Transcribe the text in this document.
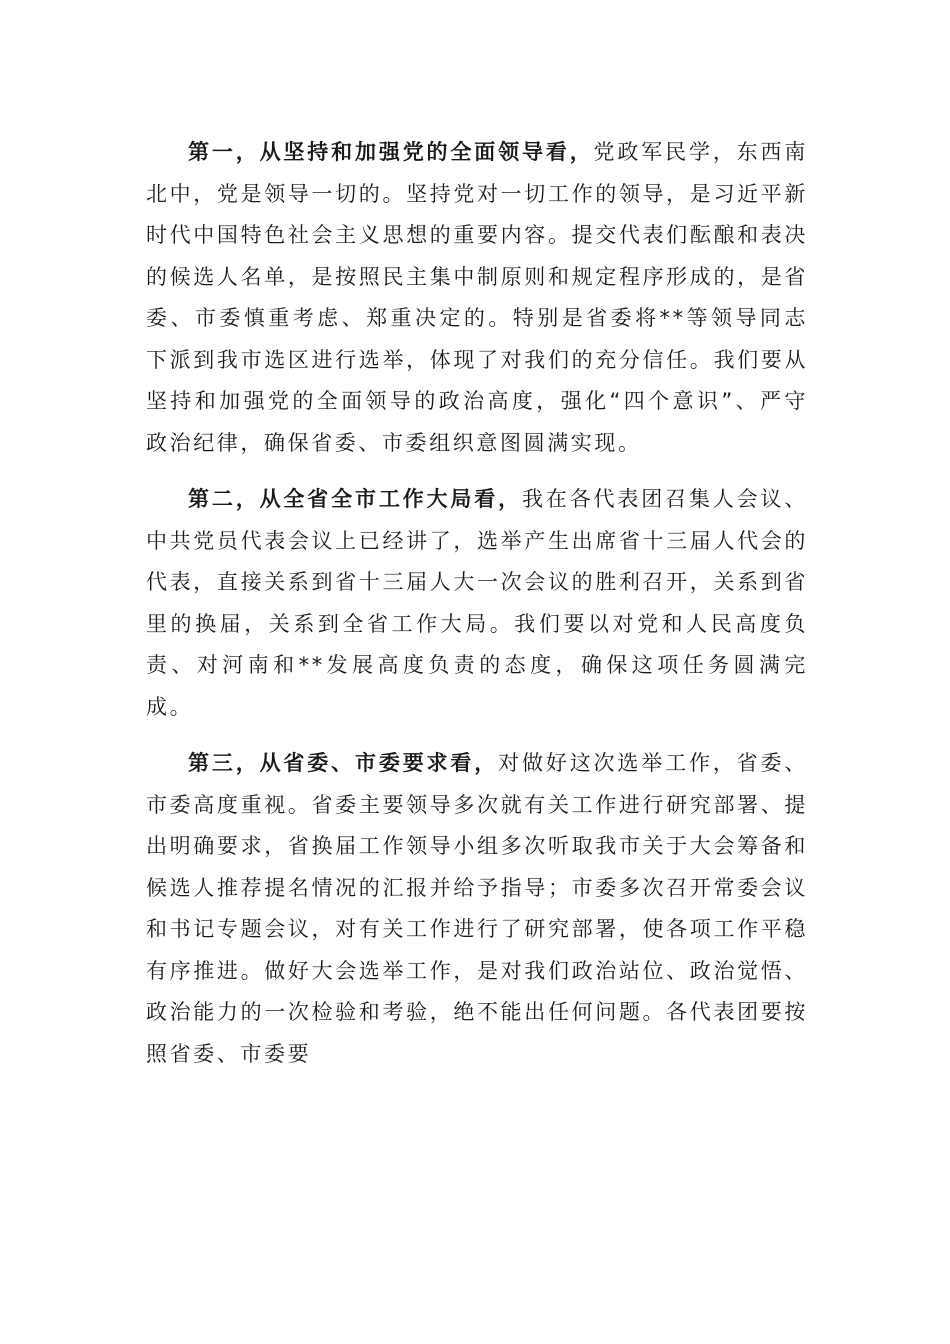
第一，从坚持和加强党的全面领导看，党政军民学，东西南北中，党是领导一切的。坚持党对一切工作的领导，是习近平新时代中国特色社会主义思想的重要内容。提交代表们酝酿和表决的候选人名单，是按照民主集中制原则和规定程序形成的，是省委、市委慎重考虑、郑重决定的。特别是省委将**等领导同志下派到我市选区进行选举，体现了对我们的充分信任。我们要从坚持和加强党的全面领导的政治高度，强化“四个意识”、严守政治纪律，确保省委、市委组织意图圆满实现。

第二，从全省全市工作大局看，我在各代表团召集人会议、中共党员代表会议上已经讲了，选举产生出席省十三届人代会的代表，直接关系到省十三届人大一次会议的胜利召开，关系到省里的换届，关系到全省工作大局。我们要以对党和人民高度负责、对河南和**发展高度负责的态度，确保这项任务圆满完成。

第三，从省委、市委要求看，对做好这次选举工作，省委、市委高度重视。省委主要领导多次就有关工作进行研究部署、提出明确要求，省换届工作领导小组多次听取我市关于大会筹备和候选人推荐提名情况的汇报并给予指导；市委多次召开常委会议和书记专题会议，对有关工作进行了研究部署，使各项工作平稳有序推进。做好大会选举工作，是对我们政治站位、政治觉悟、政治能力的一次检验和考验，绝不能出任何问题。各代表团要按照省委、市委要
